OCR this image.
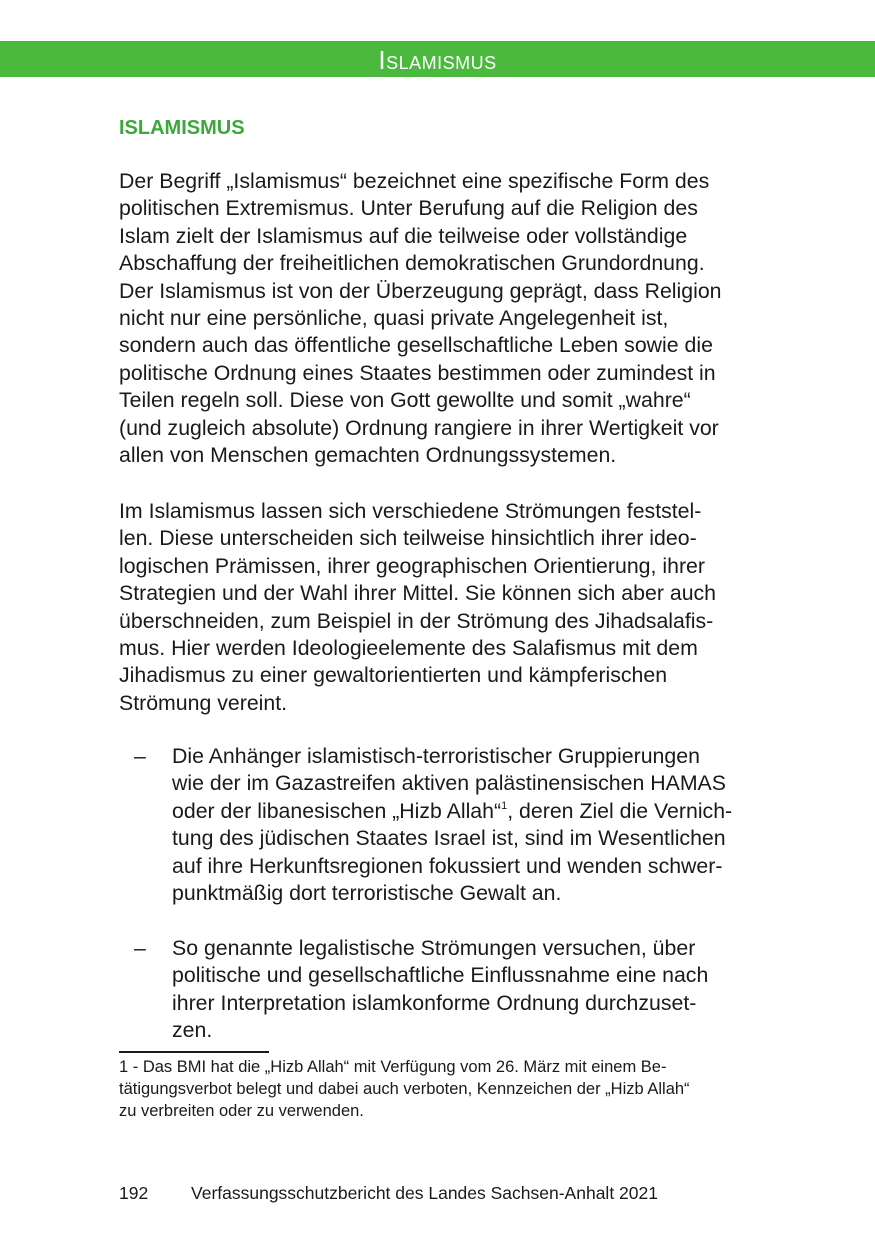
Islamismus
ISLAMISMUS
Der Begriff „Islamismus“ bezeichnet eine spezifische Form des
politischen Extremismus. Unter Berufung auf die Religion des
Islam zielt der Islamismus auf die teilweise oder vollständige
Abschaffung der freiheitlichen demokratischen Grundordnung.
Der Islamismus ist von der Überzeugung geprägt, dass Religion
nicht nur eine persönliche, quasi private Angelegenheit ist,
sondern auch das öffentliche gesellschaftliche Leben sowie die
politische Ordnung eines Staates bestimmen oder zumindest in
Teilen regeln soll. Diese von Gott gewollte und somit „wahre“
(und zugleich absolute) Ordnung rangiere in ihrer Wertigkeit vor
allen von Menschen gemachten Ordnungssystemen.
Im Islamismus lassen sich verschiedene Strömungen feststel-
len. Diese unterscheiden sich teilweise hinsichtlich ihrer ideo-
logischen Prämissen, ihrer geographischen Orientierung, ihrer
Strategien und der Wahl ihrer Mittel. Sie können sich aber auch
überschneiden, zum Beispiel in der Strömung des Jihadsalafis-
mus. Hier werden Ideologieelemente des Salafismus mit dem
Jihadismus zu einer gewaltorientierten und kämpferischen
Strömung vereint.
– Die Anhänger islamistisch-terroristischer Gruppierungen
wie der im Gazastreifen aktiven palästinensischen HAMAS
oder der libanesischen „Hizb Allah“$^1$, deren Ziel die Vernich-
tung des jüdischen Staates Israel ist, sind im Wesentlichen
auf ihre Herkunftsregionen fokussiert und wenden schwer-
punktmäßig dort terroristische Gewalt an.
– So genannte legalistische Strömungen versuchen, über
politische und gesellschaftliche Einflussnahme eine nach
ihrer Interpretation islamkonforme Ordnung durchzuset-
zen.
1 - Das BMI hat die „Hizb Allah“ mit Verfügung vom 26. März mit einem Be-
tätigungsverbot belegt und dabei auch verboten, Kennzeichen der „Hizb Allah“
zu verbreiten oder zu verwenden.
192 Verfassungsschutzbericht des Landes Sachsen-Anhalt 2021
